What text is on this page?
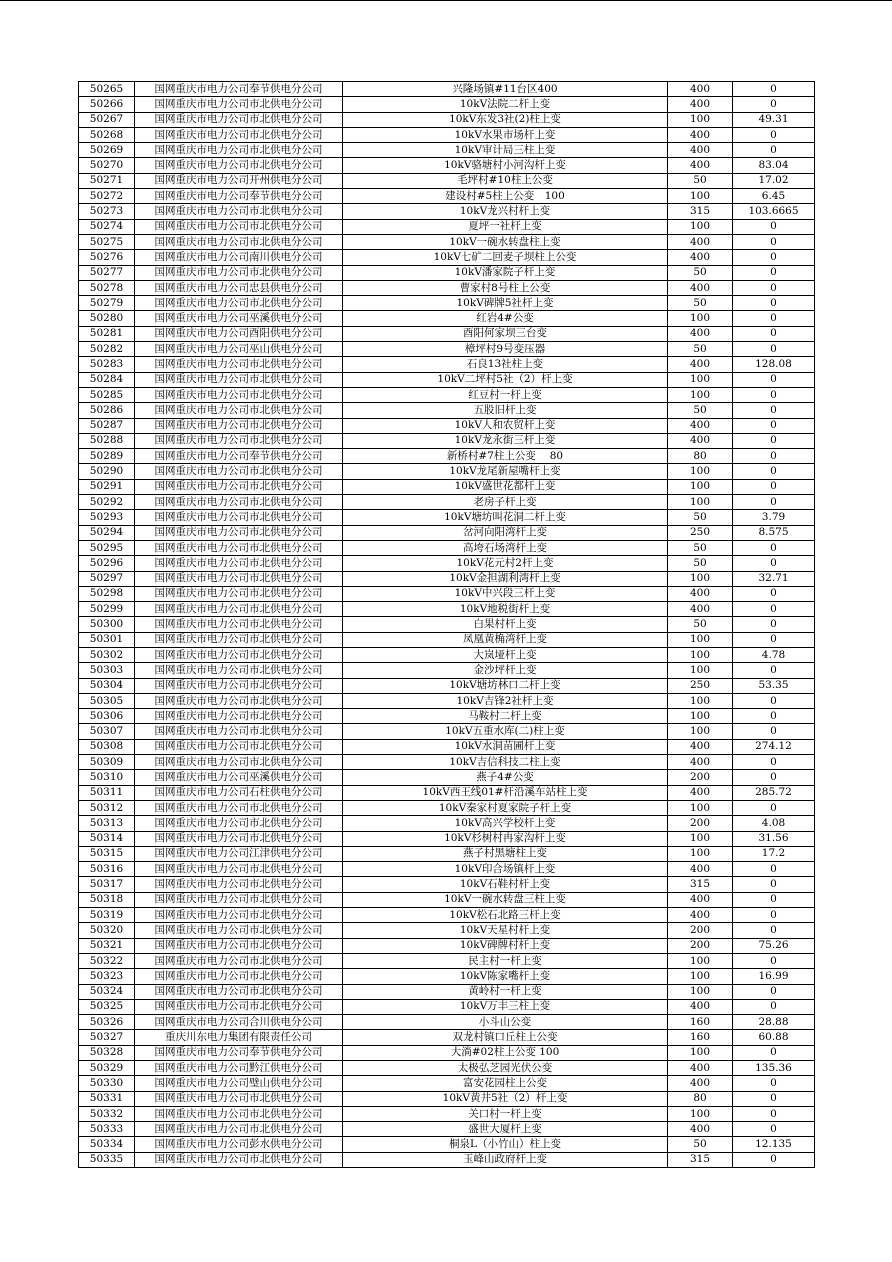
50265	国网重庆市电力公司奉节供电分公司	兴隆场镇#11台区400	400	0
50266	国网重庆市电力公司市北供电分公司	10kV法院二杆上变	400	0
50267	国网重庆市电力公司市北供电分公司	10kV东发3社(2)柱上变	100	49.31
50268	国网重庆市电力公司市北供电分公司	10kV水果市场杆上变	400	0
50269	国网重庆市电力公司市北供电分公司	10kV审计局三柱上变	400	0
50270	国网重庆市电力公司市北供电分公司	10kV骆塘村小河沟杆上变	400	83.04
50271	国网重庆市电力公司开州供电分公司	毛坪村#10柱上公变	50	17.02
50272	国网重庆市电力公司奉节供电分公司	建设村#5柱上公变　100	100	6.45
50273	国网重庆市电力公司市北供电分公司	10kV龙兴村杆上变	315	103.6665
50274	国网重庆市电力公司市北供电分公司	夏坪一社杆上变	100	0
50275	国网重庆市电力公司市北供电分公司	10kV一碗水转盘柱上变	400	0
50276	国网重庆市电力公司南川供电分公司	10kV七矿二回麦子坝柱上公变	400	0
50277	国网重庆市电力公司市北供电分公司	10kV潘家院子杆上变	50	0
50278	国网重庆市电力公司忠县供电分公司	曹家村8号柱上公变	400	0
50279	国网重庆市电力公司市北供电分公司	10kV碑牌5社杆上变	50	0
50280	国网重庆市电力公司巫溪供电分公司	红岩4#公变	100	0
50281	国网重庆市电力公司酉阳供电分公司	酉阳何家坝三台变	400	0
50282	国网重庆市电力公司巫山供电分公司	樟坪村9号变压器	50	0
50283	国网重庆市电力公司市北供电分公司	石良13社柱上变	400	128.08
50284	国网重庆市电力公司市北供电分公司	10kV二坪村5社（2）杆上变	100	0
50285	国网重庆市电力公司市北供电分公司	红豆村一杆上变	100	0
50286	国网重庆市电力公司市北供电分公司	五股旧杆上变	50	0
50287	国网重庆市电力公司市北供电分公司	10kV人和农贸杆上变	400	0
50288	国网重庆市电力公司市北供电分公司	10kV龙永街三杆上变	400	0
50289	国网重庆市电力公司奉节供电分公司	新桥村#7柱上公变　 80	80	0
50290	国网重庆市电力公司市北供电分公司	10kV龙尾新屋嘴杆上变	100	0
50291	国网重庆市电力公司市北供电分公司	10kV盛世花都杆上变	100	0
50292	国网重庆市电力公司市北供电分公司	老房子杆上变	100	0
50293	国网重庆市电力公司市北供电分公司	10kV塘坊叫花洞二杆上变	50	3.79
50294	国网重庆市电力公司市北供电分公司	岔河向阳湾杆上变	250	8.575
50295	国网重庆市电力公司市北供电分公司	高垮石场湾杆上变	50	0
50296	国网重庆市电力公司市北供电分公司	10kV花元村2杆上变	50	0
50297	国网重庆市电力公司市北供电分公司	10kV金担湖利湾杆上变	100	32.71
50298	国网重庆市电力公司市北供电分公司	10kV中兴段三杆上变	400	0
50299	国网重庆市电力公司市北供电分公司	10kV地税街杆上变	400	0
50300	国网重庆市电力公司市北供电分公司	白果村杆上变	50	0
50301	国网重庆市电力公司市北供电分公司	凤凰黄桷湾杆上变	100	0
50302	国网重庆市电力公司市北供电分公司	大岚垭杆上变	100	4.78
50303	国网重庆市电力公司市北供电分公司	金沙坪杆上变	100	0
50304	国网重庆市电力公司市北供电分公司	10kV塘坊林口二杆上变	250	53.35
50305	国网重庆市电力公司市北供电分公司	10kV吉锋2社杆上变	100	0
50306	国网重庆市电力公司市北供电分公司	马鞍村二杆上变	100	0
50307	国网重庆市电力公司市北供电分公司	10kV五重水库(二)柱上变	100	0
50308	国网重庆市电力公司市北供电分公司	10kV水洞苗圃杆上变	400	274.12
50309	国网重庆市电力公司市北供电分公司	10kV吉信科技二柱上变	400	0
50310	国网重庆市电力公司巫溪供电分公司	燕子4#公变	200	0
50311	国网重庆市电力公司石柱供电分公司	10kV西王线01#杆沿溪车站柱上变	400	285.72
50312	国网重庆市电力公司市北供电分公司	10kV秦家村夏家院子杆上变	100	0
50313	国网重庆市电力公司市北供电分公司	10kV高兴学校杆上变	200	4.08
50314	国网重庆市电力公司市北供电分公司	10kV杉树村冉家沟杆上变	100	31.56
50315	国网重庆市电力公司江津供电分公司	燕子村黑塘柱上变	100	17.2
50316	国网重庆市电力公司市北供电分公司	10kV印合场镇杆上变	400	0
50317	国网重庆市电力公司市北供电分公司	10kV石鞋村杆上变	315	0
50318	国网重庆市电力公司市北供电分公司	10kV一碗水转盘三柱上变	400	0
50319	国网重庆市电力公司市北供电分公司	10kV松石北路三杆上变	400	0
50320	国网重庆市电力公司市北供电分公司	10kV天星村杆上变	200	0
50321	国网重庆市电力公司市北供电分公司	10kV碑牌村杆上变	200	75.26
50322	国网重庆市电力公司市北供电分公司	民主村一杆上变	100	0
50323	国网重庆市电力公司市北供电分公司	10kV陈家嘴杆上变	100	16.99
50324	国网重庆市电力公司市北供电分公司	黄岭村一杆上变	100	0
50325	国网重庆市电力公司市北供电分公司	10kV万丰三柱上变	400	0
50326	国网重庆市电力公司合川供电分公司	小斗山公变	160	28.88
50327	重庆川东电力集团有限责任公司	双龙村镇口丘柱上公变	160	60.88
50328	国网重庆市电力公司奉节供电分公司	大淌#02柱上公变 100	100	0
50329	国网重庆市电力公司黔江供电分公司	太极弘芝园光伏公变	400	135.36
50330	国网重庆市电力公司璧山供电分公司	富安花园柱上公变	400	0
50331	国网重庆市电力公司市北供电分公司	10kV黄井5社（2）杆上变	80	0
50332	国网重庆市电力公司市北供电分公司	关口村一杆上变	100	0
50333	国网重庆市电力公司市北供电分公司	盛世大厦杆上变	400	0
50334	国网重庆市电力公司彭水供电分公司	桐泉L（小竹山）柱上变	50	12.135
50335	国网重庆市电力公司市北供电分公司	玉峰山政府杆上变	315	0
